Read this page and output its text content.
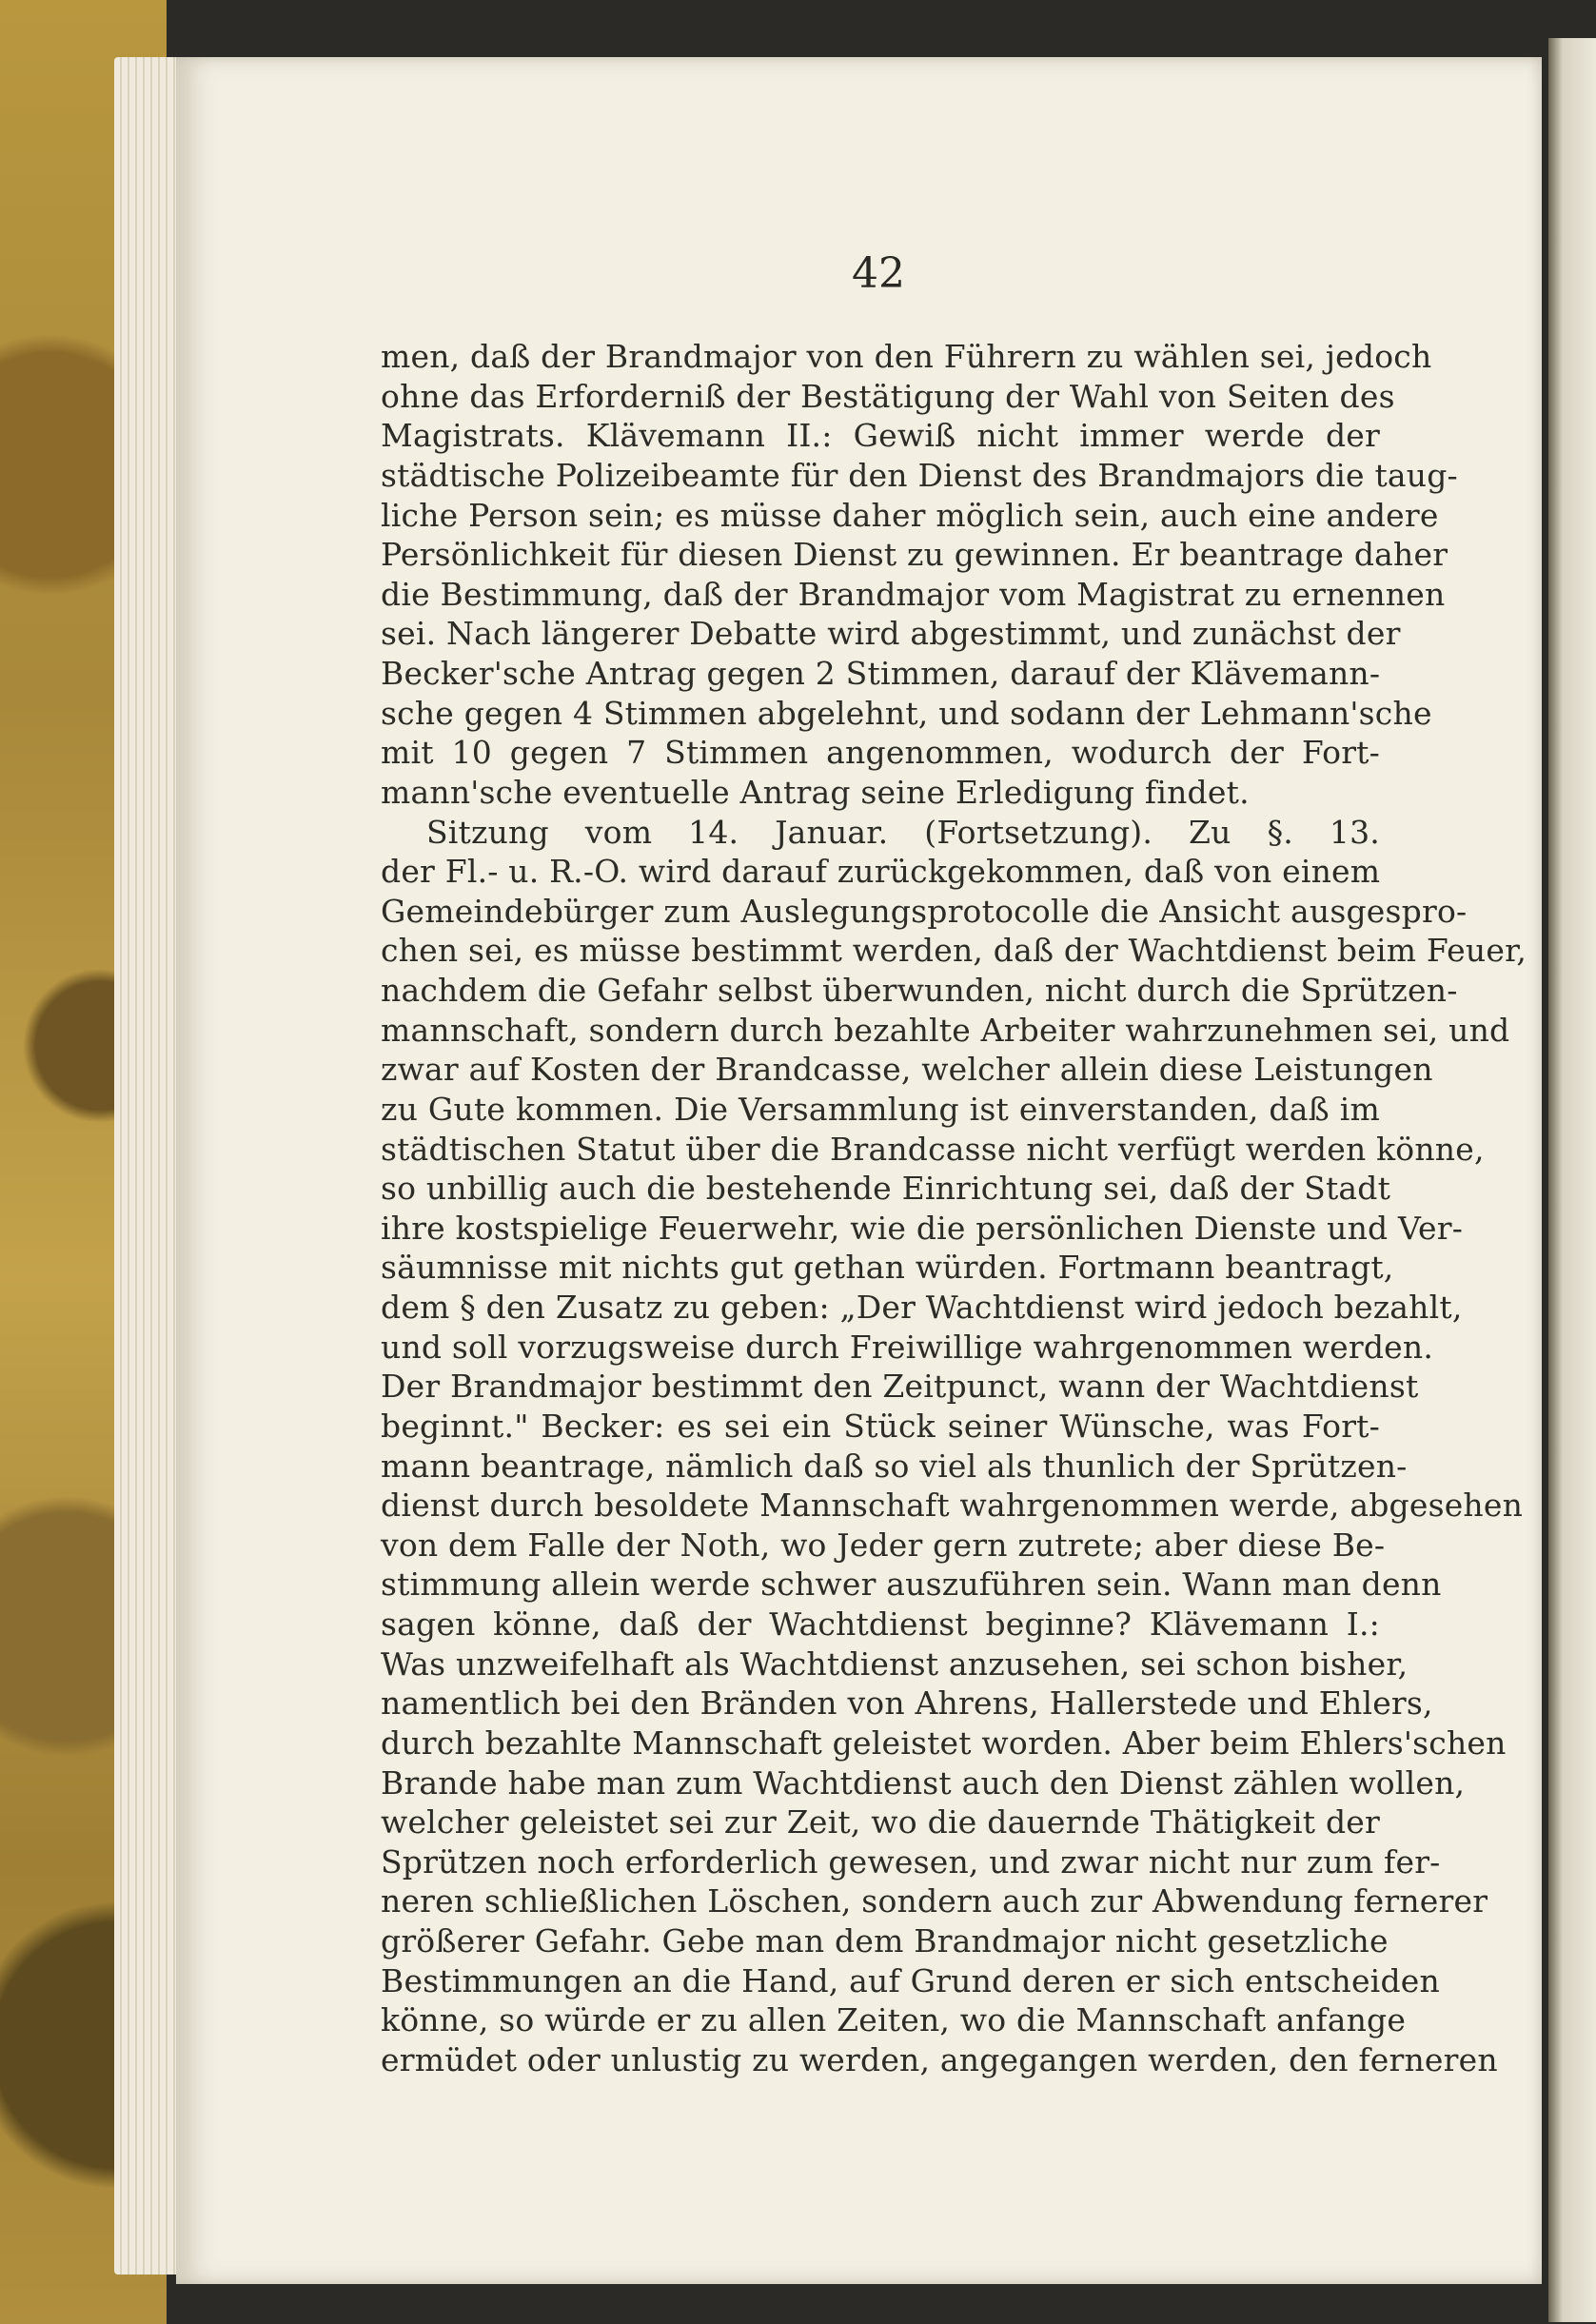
42
men, daß der Brandmajor von den Führern zu wählen sei, jedoch
ohne das Erforderniß der Bestätigung der Wahl von Seiten des
Magistrats. Klävemann II.: Gewiß nicht immer werde der
städtische Polizeibeamte für den Dienst des Brandmajors die taug-
liche Person sein; es müsse daher möglich sein, auch eine andere
Persönlichkeit für diesen Dienst zu gewinnen. Er beantrage daher
die Bestimmung, daß der Brandmajor vom Magistrat zu ernennen
sei. Nach längerer Debatte wird abgestimmt, und zunächst der
Becker'sche Antrag gegen 2 Stimmen, darauf der Klävemann-
sche gegen 4 Stimmen abgelehnt, und sodann der Lehmann'sche
mit 10 gegen 7 Stimmen angenommen, wodurch der Fort-
mann'sche eventuelle Antrag seine Erledigung findet.
Sitzung vom 14. Januar. (Fortsetzung). Zu §. 13.
der Fl.- u. R.-O. wird darauf zurückgekommen, daß von einem
Gemeindebürger zum Auslegungsprotocolle die Ansicht ausgespro-
chen sei, es müsse bestimmt werden, daß der Wachtdienst beim Feuer,
nachdem die Gefahr selbst überwunden, nicht durch die Sprützen-
mannschaft, sondern durch bezahlte Arbeiter wahrzunehmen sei, und
zwar auf Kosten der Brandcasse, welcher allein diese Leistungen
zu Gute kommen. Die Versammlung ist einverstanden, daß im
städtischen Statut über die Brandcasse nicht verfügt werden könne,
so unbillig auch die bestehende Einrichtung sei, daß der Stadt
ihre kostspielige Feuerwehr, wie die persönlichen Dienste und Ver-
säumnisse mit nichts gut gethan würden. Fortmann beantragt,
dem § den Zusatz zu geben: „Der Wachtdienst wird jedoch bezahlt,
und soll vorzugsweise durch Freiwillige wahrgenommen werden.
Der Brandmajor bestimmt den Zeitpunct, wann der Wachtdienst
beginnt." Becker: es sei ein Stück seiner Wünsche, was Fort-
mann beantrage, nämlich daß so viel als thunlich der Sprützen-
dienst durch besoldete Mannschaft wahrgenommen werde, abgesehen
von dem Falle der Noth, wo Jeder gern zutrete; aber diese Be-
stimmung allein werde schwer auszuführen sein. Wann man denn
sagen könne, daß der Wachtdienst beginne? Klävemann I.:
Was unzweifelhaft als Wachtdienst anzusehen, sei schon bisher,
namentlich bei den Bränden von Ahrens, Hallerstede und Ehlers,
durch bezahlte Mannschaft geleistet worden. Aber beim Ehlers'schen
Brande habe man zum Wachtdienst auch den Dienst zählen wollen,
welcher geleistet sei zur Zeit, wo die dauernde Thätigkeit der
Sprützen noch erforderlich gewesen, und zwar nicht nur zum fer-
neren schließlichen Löschen, sondern auch zur Abwendung fernerer
größerer Gefahr. Gebe man dem Brandmajor nicht gesetzliche
Bestimmungen an die Hand, auf Grund deren er sich entscheiden
könne, so würde er zu allen Zeiten, wo die Mannschaft anfange
ermüdet oder unlustig zu werden, angegangen werden, den ferneren
